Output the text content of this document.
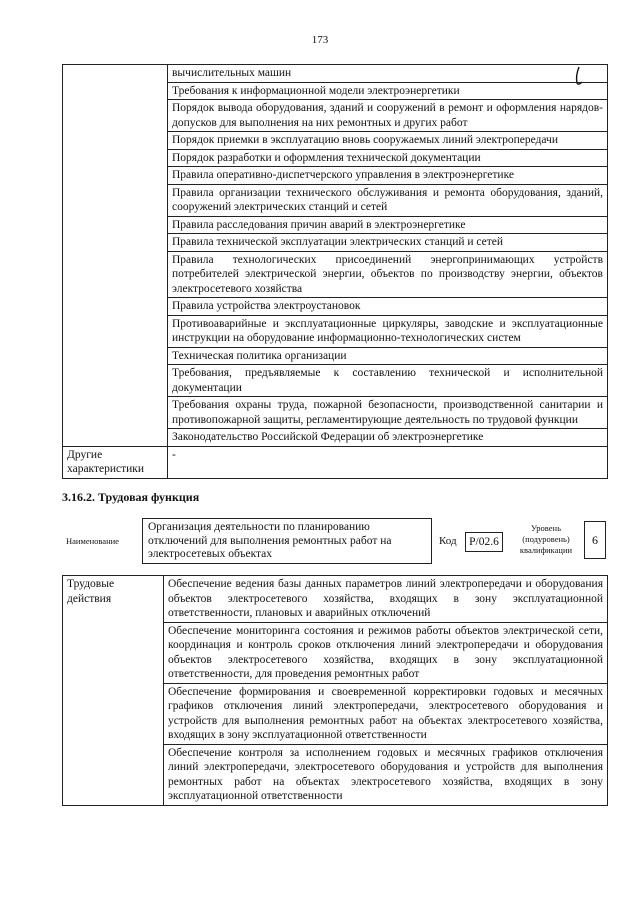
173
	вычислительных машин
	Требования к информационной модели электроэнергетики
	Порядок вывода оборудования, зданий и сооружений в ремонт и оформления нарядов-допусков для выполнения на них ремонтных и других работ
	Порядок приемки в эксплуатацию вновь сооружаемых линий электропередачи
	Порядок разработки и оформления технической документации
	Правила оперативно-диспетчерского управления в электроэнергетике
	Правила организации технического обслуживания и ремонта оборудования, зданий, сооружений электрических станций и сетей
	Правила расследования причин аварий в электроэнергетике
	Правила технической эксплуатации электрических станций и сетей
	Правила технологических присоединений энергопринимающих устройств потребителей электрической энергии, объектов по производству энергии, объектов электросетевого хозяйства
	Правила устройства электроустановок
	Противоаварийные и эксплуатационные циркуляры, заводские и эксплуатационные инструкции на оборудование информационно-технологических систем
	Техническая политика организации
	Требования, предъявляемые к составлению технической и исполнительной документации
	Требования охраны труда, пожарной безопасности, производственной санитарии и противопожарной защиты, регламентирующие деятельность по трудовой функции
	Законодательство Российской Федерации об электроэнергетике
Другие характеристики	-
3.16.2. Трудовая функция
Наименование
Организация деятельности по планированию отключений для выполнения ремонтных работ на электросетевых объектах
Код	Р/02.6
Уровень (подуровень) квалификации
6
Трудовые действия	Обеспечение ведения базы данных параметров линий электропередачи и оборудования объектов электросетевого хозяйства, входящих в зону эксплуатационной ответственности, плановых и аварийных отключений
Обеспечение мониторинга состояния и режимов работы объектов электрической сети, координация и контроль сроков отключения линий электропередачи и оборудования объектов электросетевого хозяйства, входящих в зону эксплуатационной ответственности, для проведения ремонтных работ
Обеспечение формирования и своевременной корректировки годовых и месячных графиков отключения линий электропередачи, электросетевого оборудования и устройств для выполнения ремонтных работ на объектах электросетевого хозяйства, входящих в зону эксплуатационной ответственности
Обеспечение контроля за исполнением годовых и месячных графиков отключения линий электропередачи, электросетевого оборудования и устройств для выполнения ремонтных работ на объектах электросетевого хозяйства, входящих в зону эксплуатационной ответственности
